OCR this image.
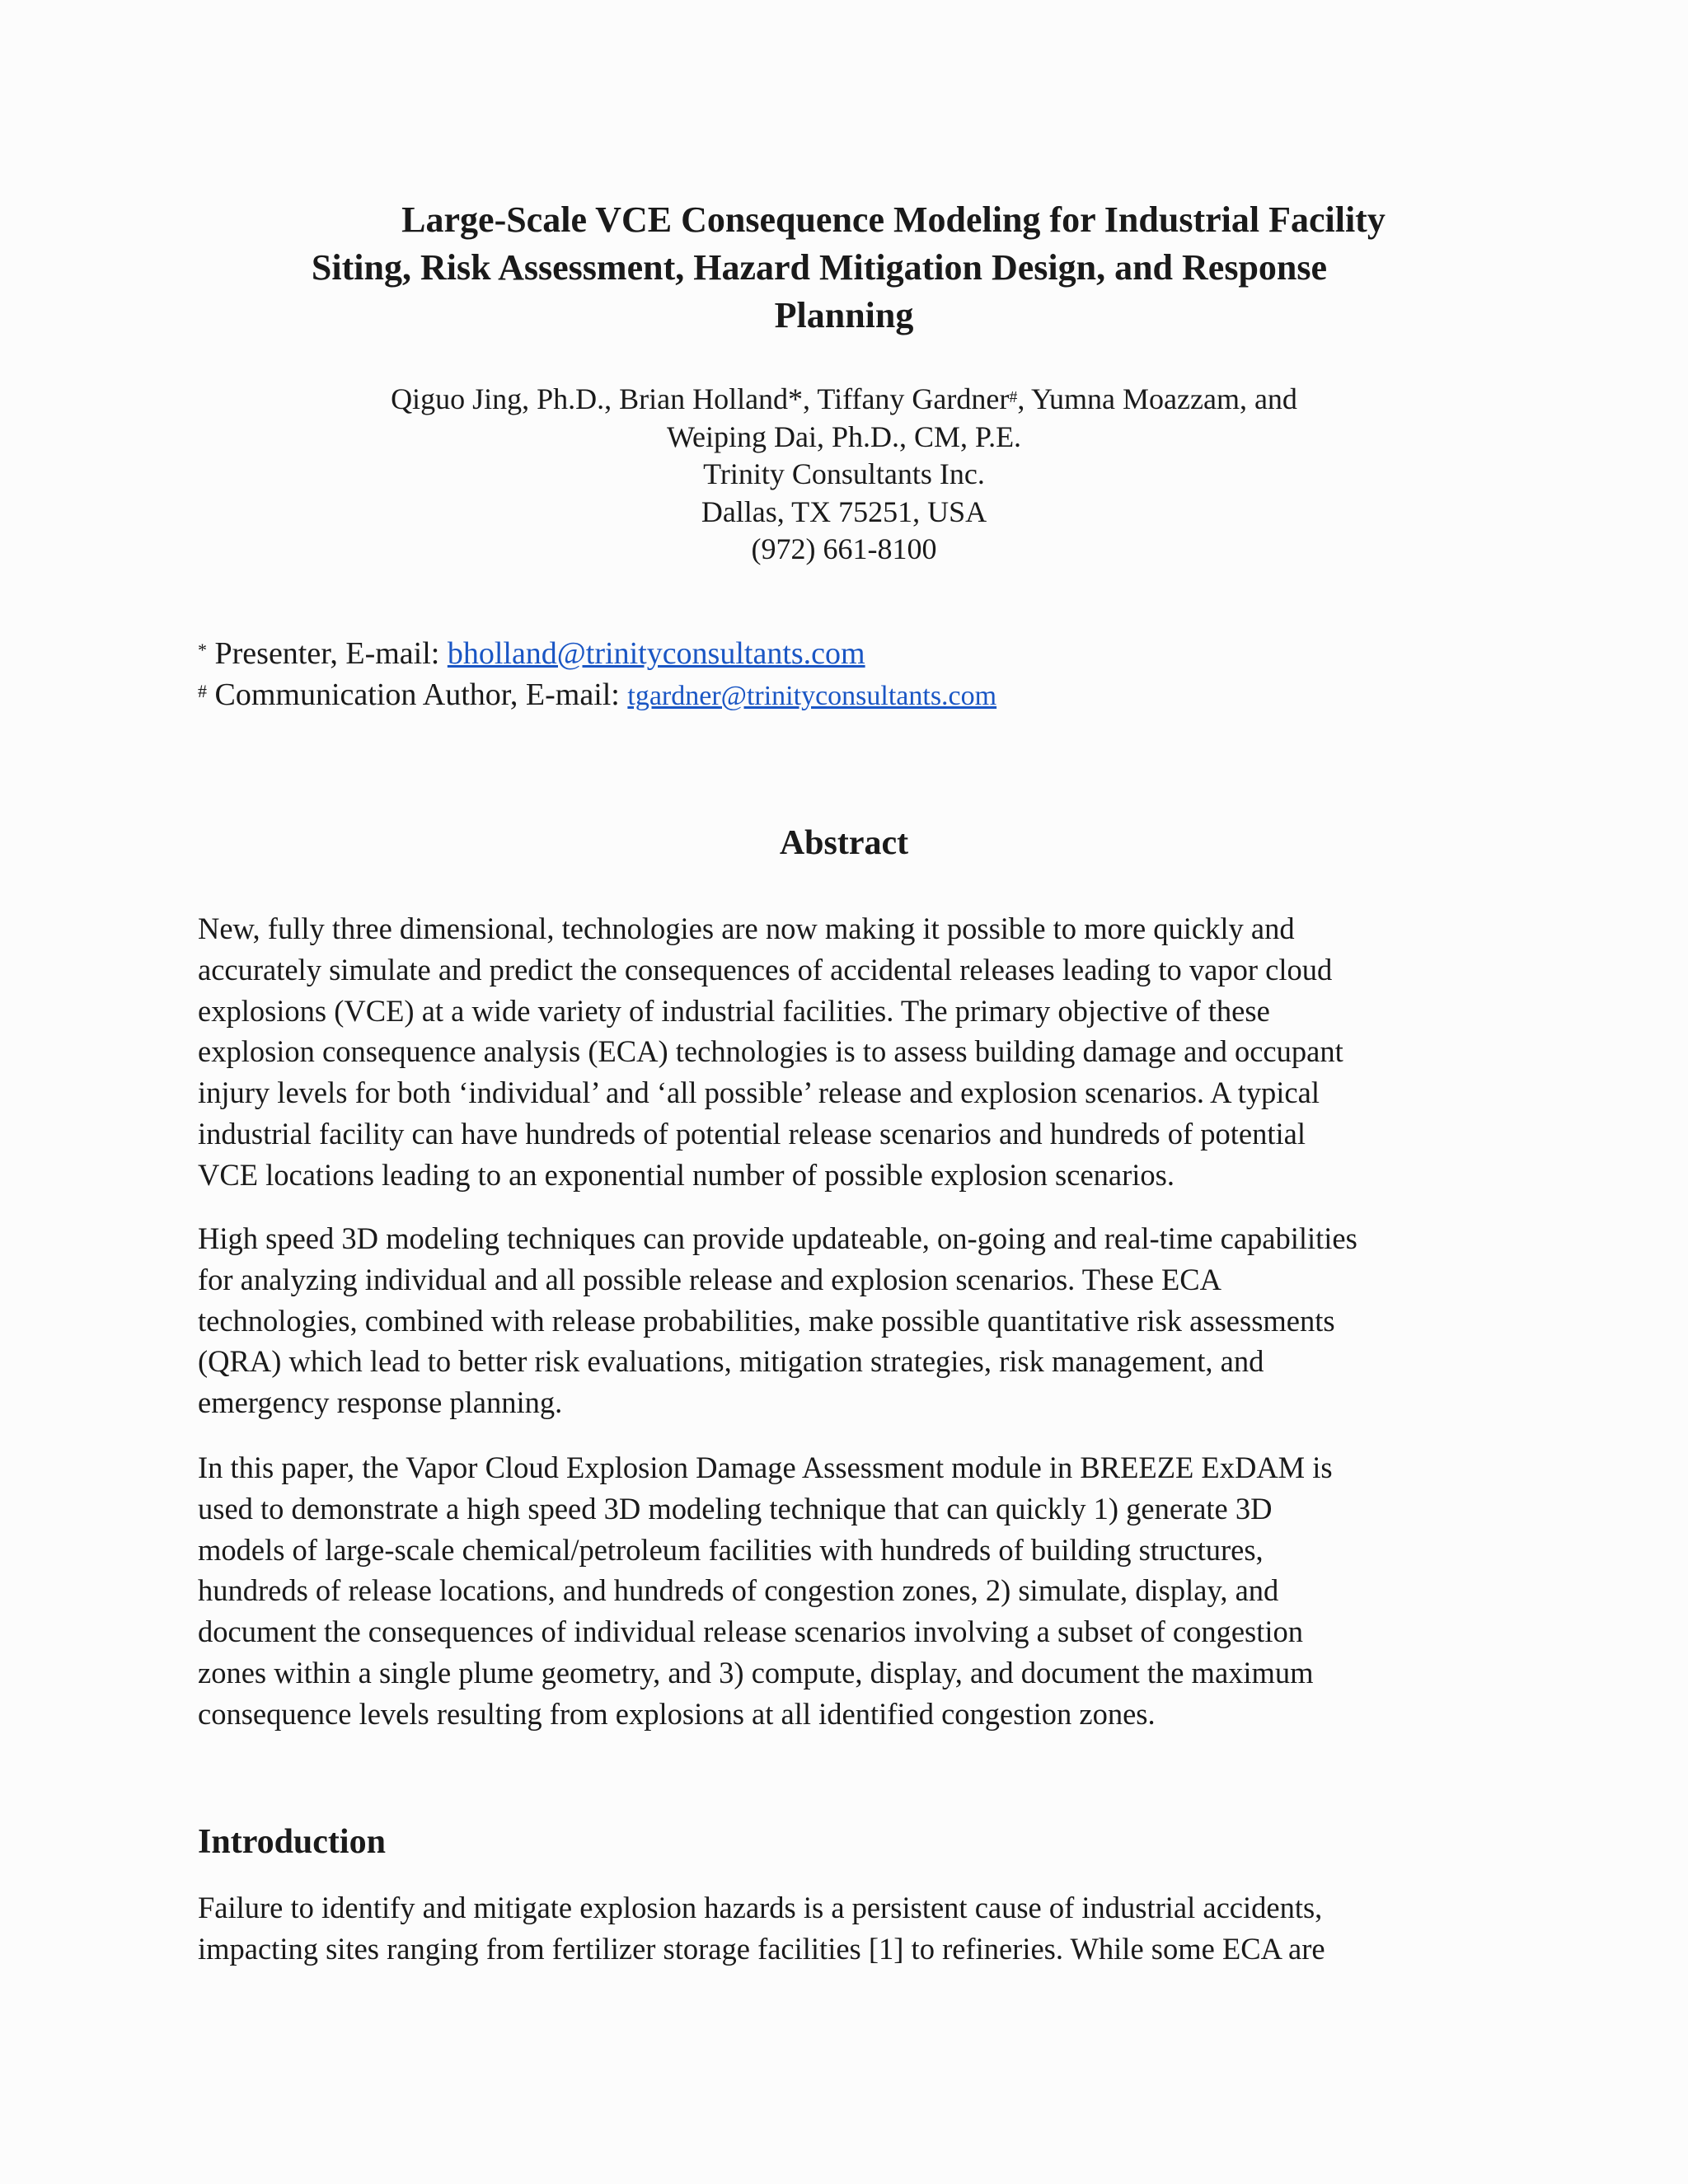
Large-Scale VCE Consequence Modeling for Industrial Facility
Siting, Risk Assessment, Hazard Mitigation Design, and Response
Planning
Qiguo Jing, Ph.D., Brian Holland*, Tiffany Gardner#, Yumna Moazzam, and
Weiping Dai, Ph.D., CM, P.E.
Trinity Consultants Inc.
Dallas, TX 75251, USA
(972) 661-8100
* Presenter, E-mail: bholland@trinityconsultants.com
# Communication Author, E-mail: tgardner@trinityconsultants.com
Abstract
New, fully three dimensional, technologies are now making it possible to more quickly and
accurately simulate and predict the consequences of accidental releases leading to vapor cloud
explosions (VCE) at a wide variety of industrial facilities. The primary objective of these
explosion consequence analysis (ECA) technologies is to assess building damage and occupant
injury levels for both ‘individual’ and ‘all possible’ release and explosion scenarios. A typical
industrial facility can have hundreds of potential release scenarios and hundreds of potential
VCE locations leading to an exponential number of possible explosion scenarios.
High speed 3D modeling techniques can provide updateable, on-going and real-time capabilities
for analyzing individual and all possible release and explosion scenarios. These ECA
technologies, combined with release probabilities, make possible quantitative risk assessments
(QRA) which lead to better risk evaluations, mitigation strategies, risk management, and
emergency response planning.
In this paper, the Vapor Cloud Explosion Damage Assessment module in BREEZE ExDAM is
used to demonstrate a high speed 3D modeling technique that can quickly 1) generate 3D
models of large-scale chemical/petroleum facilities with hundreds of building structures,
hundreds of release locations, and hundreds of congestion zones, 2) simulate, display, and
document the consequences of individual release scenarios involving a subset of congestion
zones within a single plume geometry, and 3) compute, display, and document the maximum
consequence levels resulting from explosions at all identified congestion zones.
Introduction
Failure to identify and mitigate explosion hazards is a persistent cause of industrial accidents,
impacting sites ranging from fertilizer storage facilities [1] to refineries. While some ECA are
